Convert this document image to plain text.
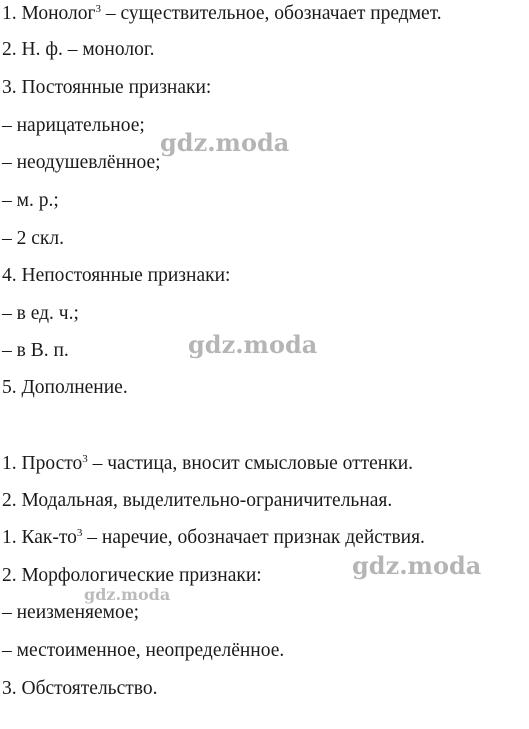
1. Монолог$^3$ – существительное, обозначает предмет.
2. Н. ф. – монолог.
3. Постоянные признаки:
– нарицательное;
– неодушевлённое;
– м. р.;
– 2 скл.
4. Непостоянные признаки:
– в ед. ч.;
– в В. п.
5. Дополнение.
1. Просто$^3$ – частица, вносит смысловые оттенки.
2. Модальная, выделительно-ограничительная.
1. Как-$то^3$ – наречие, обозначает признак действия.
2. Морфологические признаки:
– неизменяемое;
– местоименное, неопределённое.
3. Обстоятельство.
gdz.moda
gdz.moda
gdz.moda
gdz.moda
